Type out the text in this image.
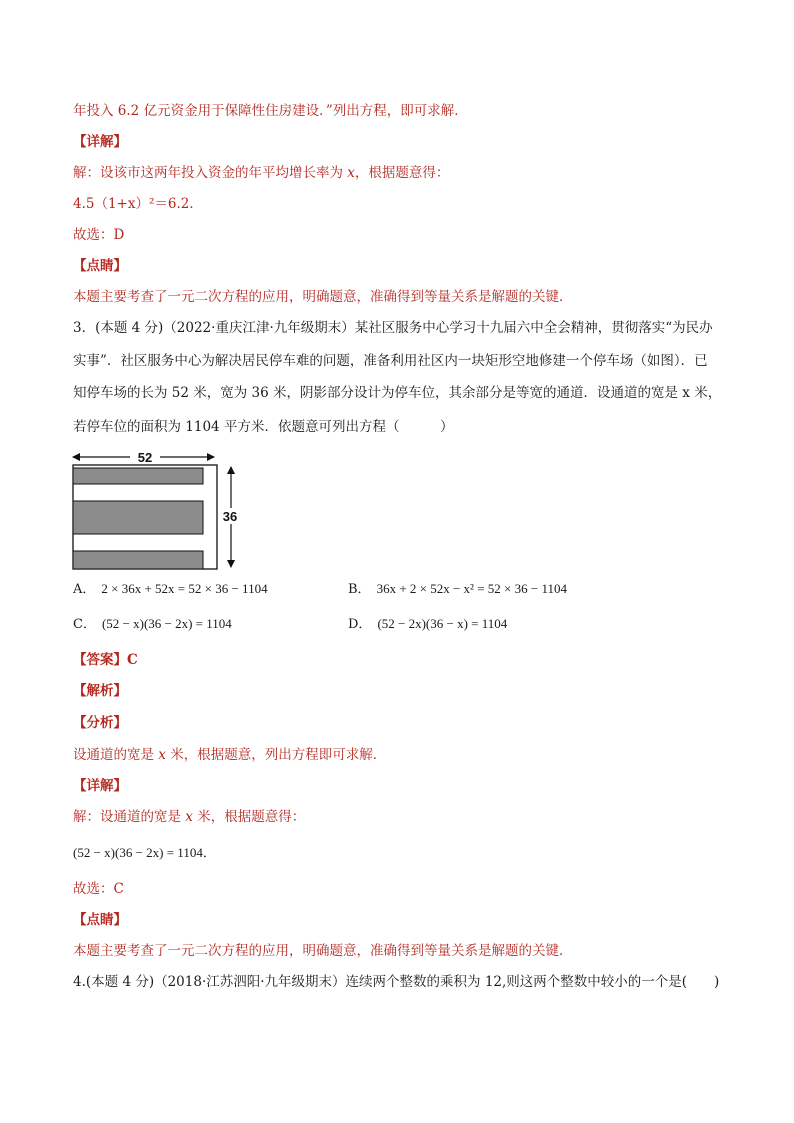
年投入 6.2 亿元资金用于保障性住房建设．”列出方程，即可求解．
【详解】
解：设该市这两年投入资金的年平均增长率为 x，根据题意得：
4.5（1+x）²＝6.2．
故选：D
【点睛】
本题主要考查了一元二次方程的应用，明确题意，准确得到等量关系是解题的关键．
3．(本题 4 分)（2022·重庆江津·九年级期末）某社区服务中心学习十九届六中全会精神，贯彻落实“为民办
实事”．社区服务中心为解决居民停车难的问题，准备利用社区内一块矩形空地修建一个停车场（如图）．已
知停车场的长为 52 米，宽为 36 米，阴影部分设计为停车位，其余部分是等宽的通道．设通道的宽是 x 米，
若停车位的面积为 1104 平方米．依题意可列出方程（　　　）
52
36
A． 2 × 36x + 52x = 52 × 36 − 1104	B． 36x + 2 × 52x − x² = 52 × 36 − 1104
C． (52 − x)(36 − 2x) = 1104	D． (52 − 2x)(36 − x) = 1104
【答案】C
【解析】
【分析】
设通道的宽是 x 米，根据题意，列出方程即可求解．
【详解】
解：设通道的宽是 x 米，根据题意得：
(52 − x)(36 − 2x) = 1104．
故选：C
【点睛】
本题主要考查了一元二次方程的应用，明确题意，准确得到等量关系是解题的关键．
4.(本题 4 分)（2018·江苏泗阳·九年级期末）连续两个整数的乘积为 12,则这两个整数中较小的一个是(　　)
